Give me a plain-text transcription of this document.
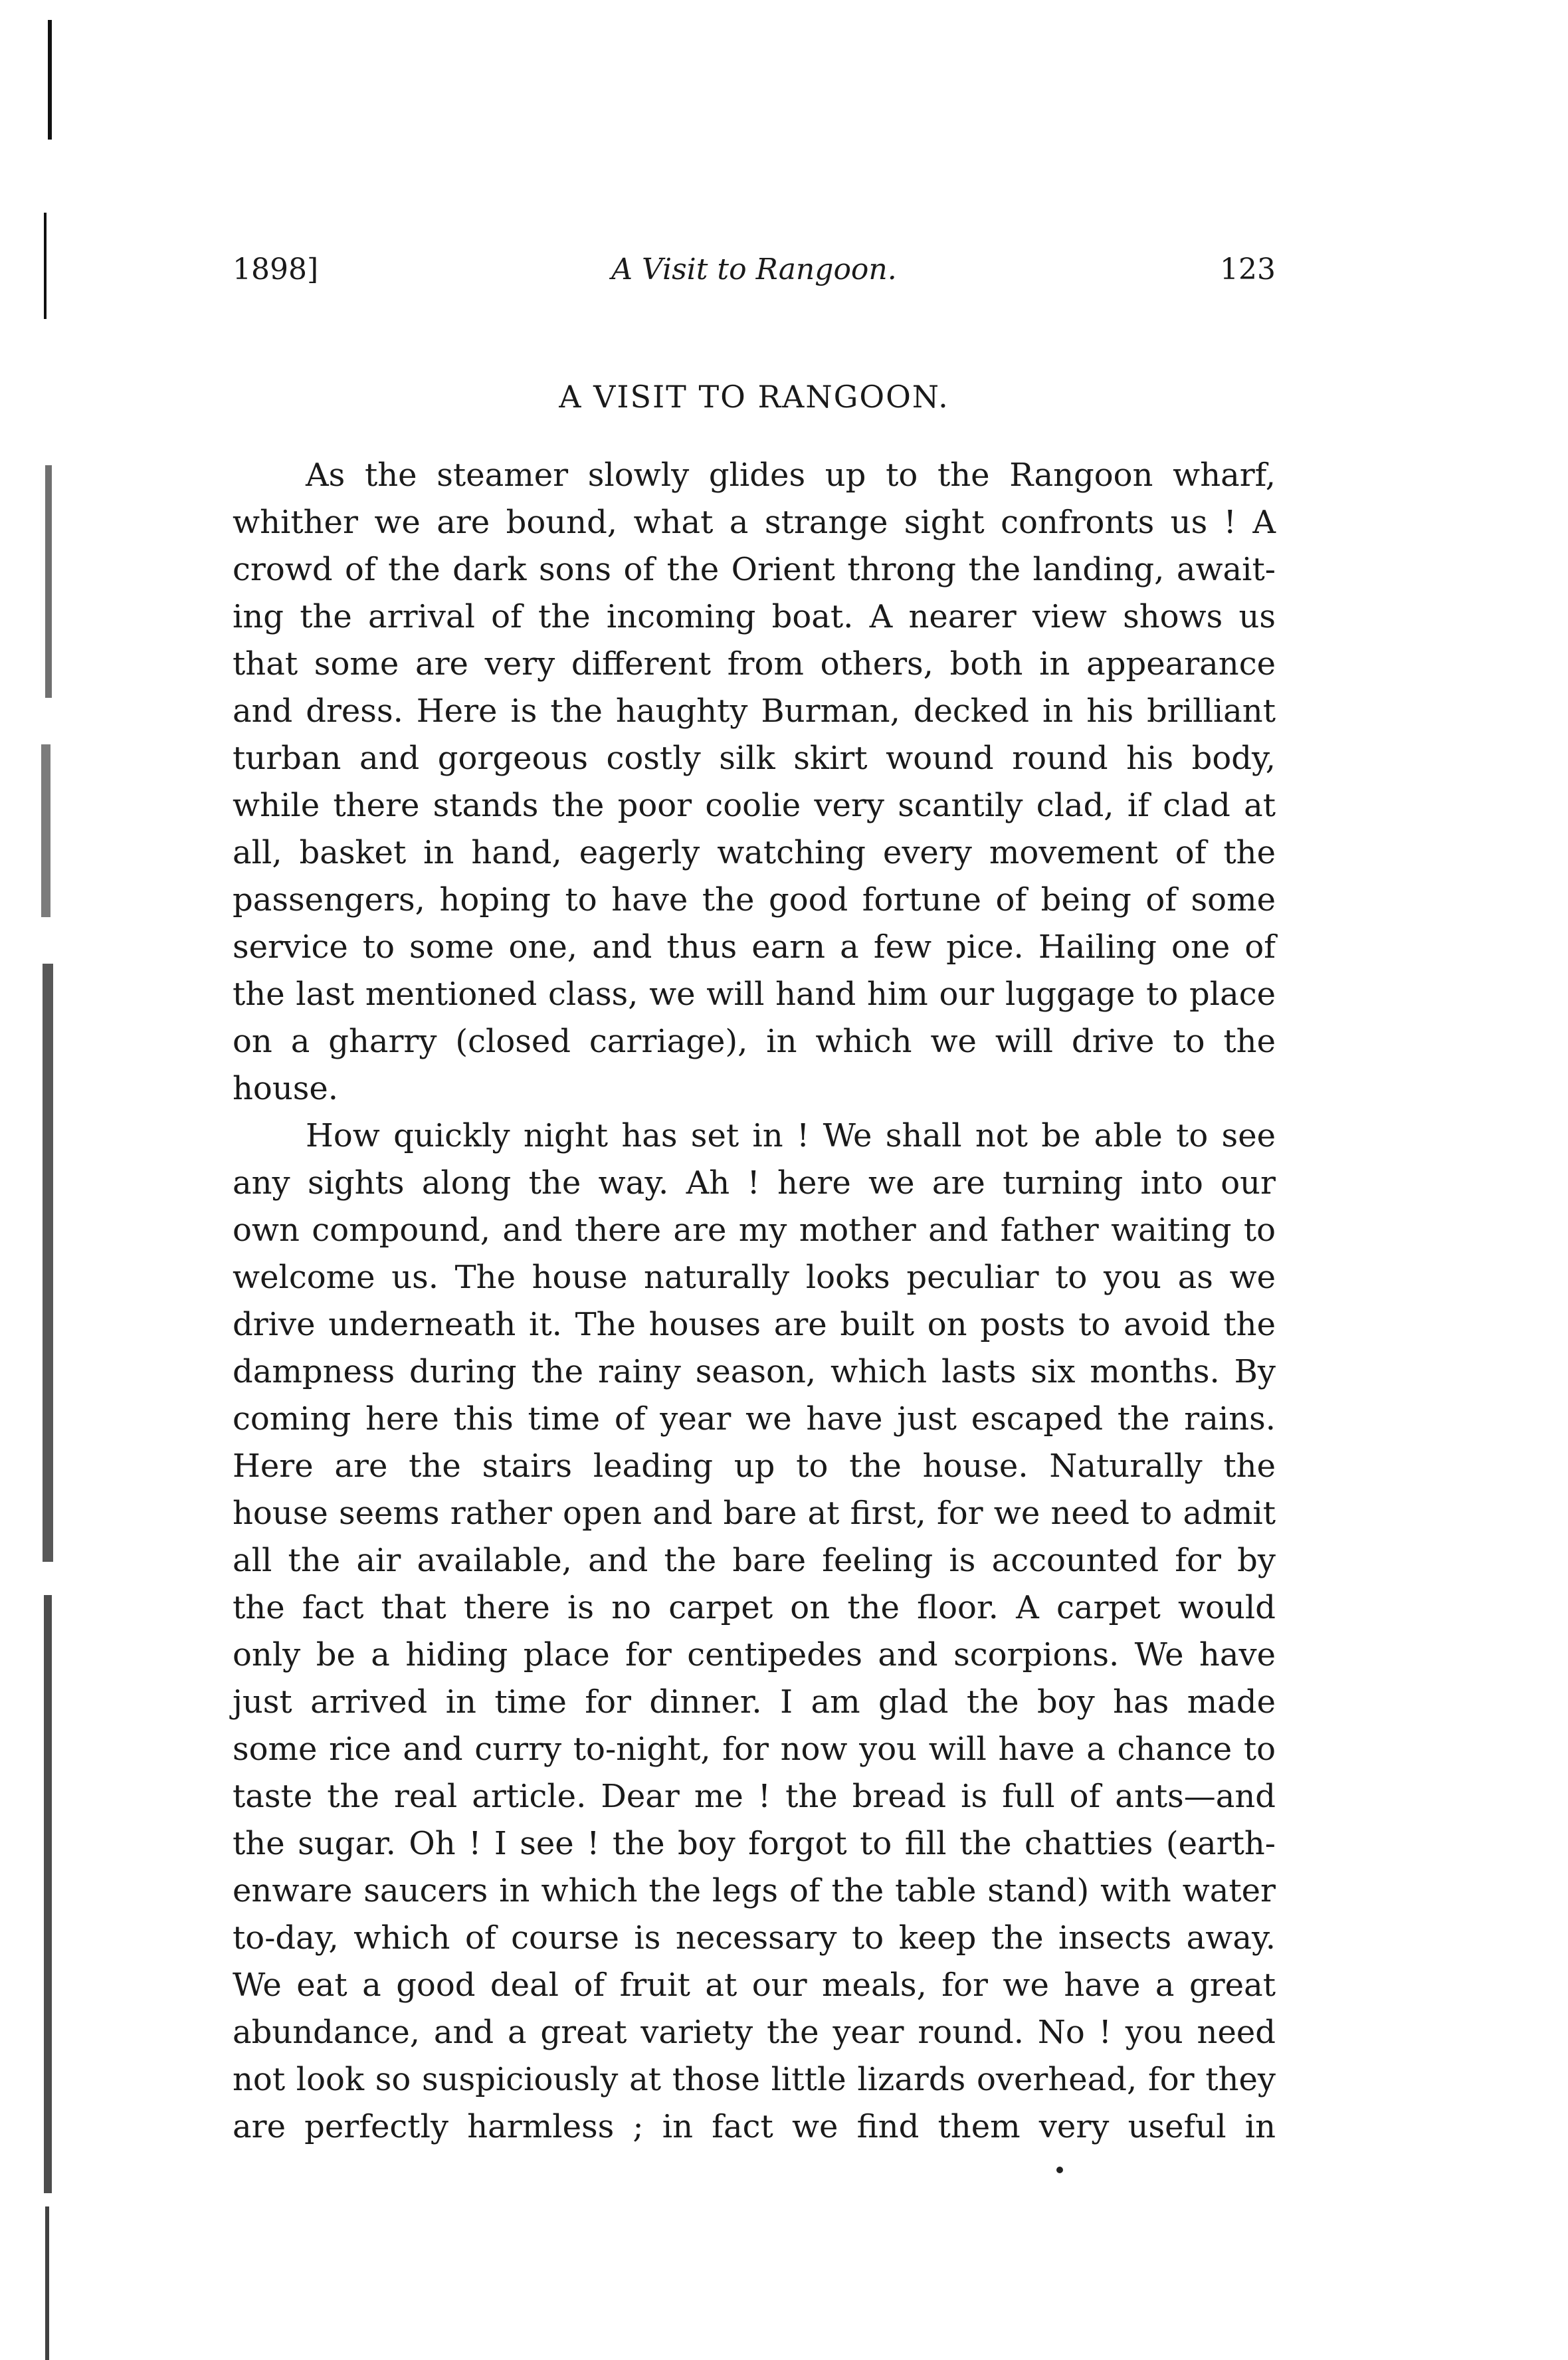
1898]	A Visit to Rangoon.	123
A VISIT TO RANGOON.
As the steamer slowly glides up to the Rangoon wharf,
whither we are bound, what a strange sight confronts us ! A
crowd of the dark sons of the Orient throng the landing, await-
ing the arrival of the incoming boat. A nearer view shows us
that some are very different from others, both in appearance
and dress. Here is the haughty Burman, decked in his brilliant
turban and gorgeous costly silk skirt wound round his body,
while there stands the poor coolie very scantily clad, if clad at
all, basket in hand, eagerly watching every movement of the
passengers, hoping to have the good fortune of being of some
service to some one, and thus earn a few pice. Hailing one of
the last mentioned class, we will hand him our luggage to place
on a gharry (closed carriage), in which we will drive to the
house.
How quickly night has set in ! We shall not be able to see
any sights along the way. Ah ! here we are turning into our
own compound, and there are my mother and father waiting to
welcome us. The house naturally looks peculiar to you as we
drive underneath it. The houses are built on posts to avoid the
dampness during the rainy season, which lasts six months. By
coming here this time of year we have just escaped the rains.
Here are the stairs leading up to the house. Naturally the
house seems rather open and bare at first, for we need to admit
all the air available, and the bare feeling is accounted for by
the fact that there is no carpet on the floor. A carpet would
only be a hiding place for centipedes and scorpions. We have
just arrived in time for dinner. I am glad the boy has made
some rice and curry to-night, for now you will have a chance to
taste the real article. Dear me ! the bread is full of ants—and
the sugar. Oh ! I see ! the boy forgot to fill the chatties (earth-
enware saucers in which the legs of the table stand) with water
to-day, which of course is necessary to keep the insects away.
We eat a good deal of fruit at our meals, for we have a great
abundance, and a great variety the year round. No ! you need
not look so suspiciously at those little lizards overhead, for they
are perfectly harmless ; in fact we find them very useful in
